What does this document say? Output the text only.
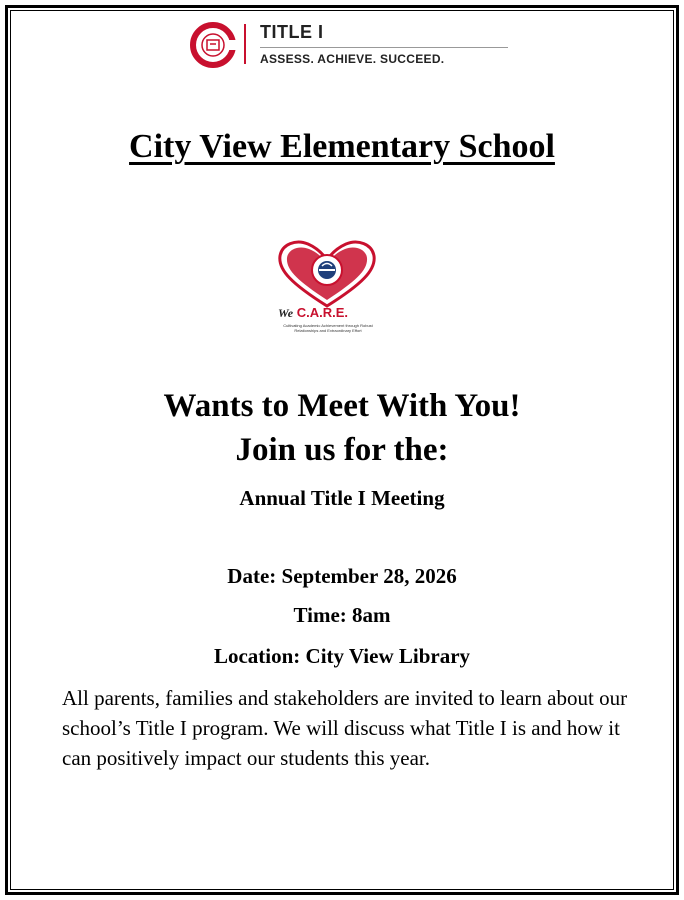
TITLE I
ASSESS. ACHIEVE. SUCCEED.
City View Elementary School
We C.A.R.E.
Cultivating Academic Achievement through Robust Relationships and Extraordinary Effort
Wants to Meet With You!
Join us for the:
Annual Title I Meeting
Date: September 28, 2026
Time: 8am
Location: City View Library
All parents, families and stakeholders are invited to learn about our school’s Title I program. We will discuss what Title I is and how it can positively impact our students this year.
